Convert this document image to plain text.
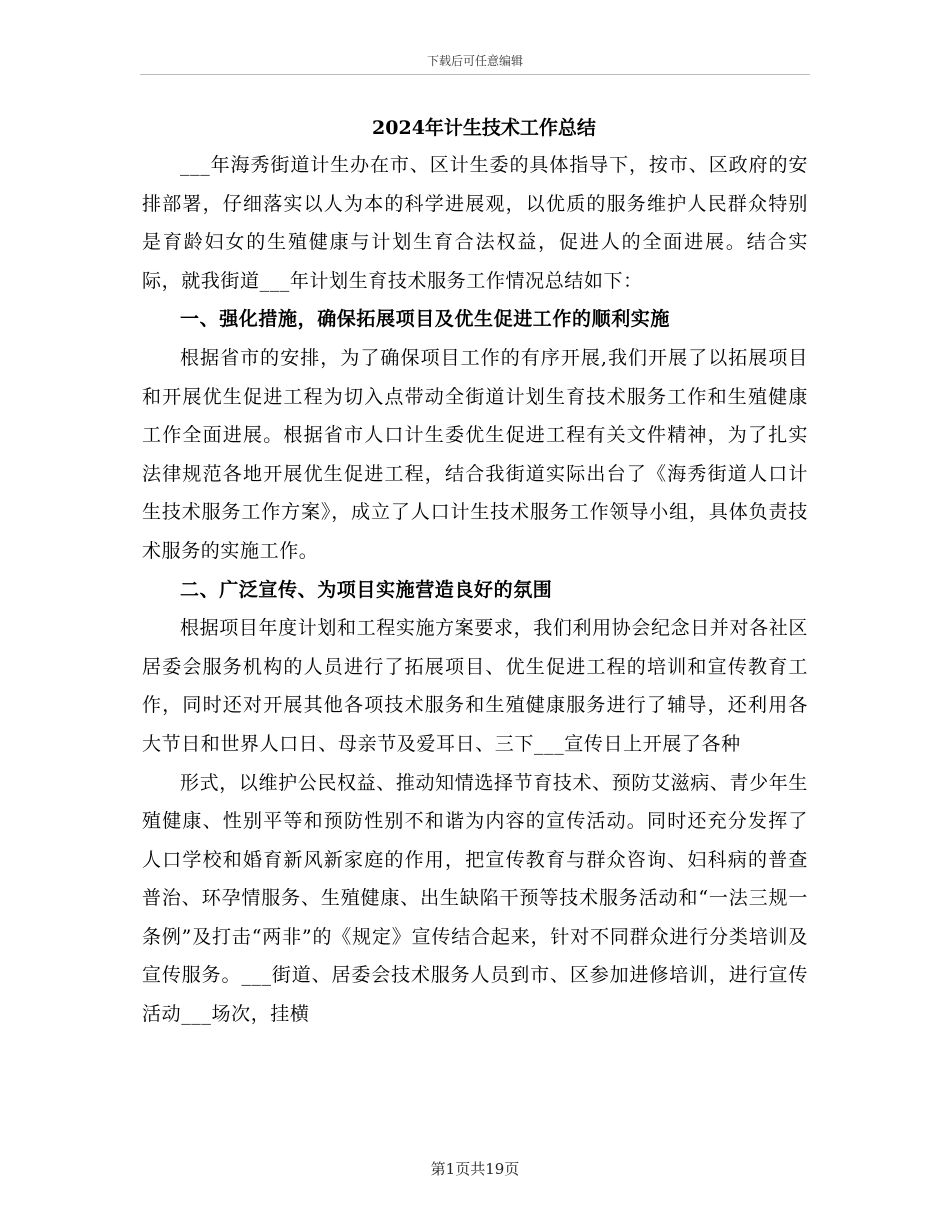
下载后可任意编辑

2024年计生技术工作总结

___年海秀街道计生办在市、区计生委的具体指导下，按市、区政府的安排部署，仔细落实以人为本的科学进展观，以优质的服务维护人民群众特别是育龄妇女的生殖健康与计划生育合法权益，促进人的全面进展。结合实际，就我街道___年计划生育技术服务工作情况总结如下：

一、强化措施，确保拓展项目及优生促进工作的顺利实施

根据省市的安排，为了确保项目工作的有序开展,我们开展了以拓展项目和开展优生促进工程为切入点带动全街道计划生育技术服务工作和生殖健康工作全面进展。根据省市人口计生委优生促进工程有关文件精神，为了扎实法律规范各地开展优生促进工程，结合我街道实际出台了《海秀街道人口计生技术服务工作方案》，成立了人口计生技术服务工作领导小组，具体负责技术服务的实施工作。

二、广泛宣传、为项目实施营造良好的氛围

根据项目年度计划和工程实施方案要求，我们利用协会纪念日并对各社区居委会服务机构的人员进行了拓展项目、优生促进工程的培训和宣传教育工作，同时还对开展其他各项技术服务和生殖健康服务进行了辅导，还利用各大节日和世界人口日、母亲节及爱耳日、三下___宣传日上开展了各种

形式，以维护公民权益、推动知情选择节育技术、预防艾滋病、青少年生殖健康、性别平等和预防性别不和谐为内容的宣传活动。同时还充分发挥了人口学校和婚育新风新家庭的作用，把宣传教育与群众咨询、妇科病的普查普治、环孕情服务、生殖健康、出生缺陷干预等技术服务活动和“一法三规一条例”及打击“两非”的《规定》宣传结合起来，针对不同群众进行分类培训及宣传服务。___街道、居委会技术服务人员到市、区参加进修培训，进行宣传活动___场次，挂横

第1页共19页
